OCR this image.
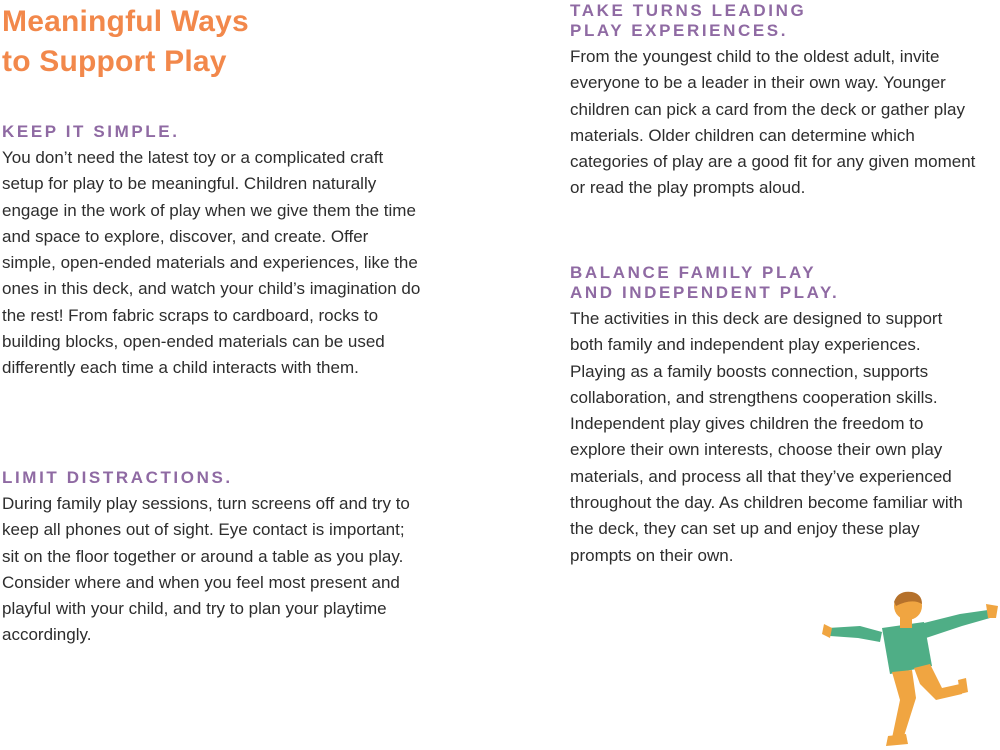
Meaningful Ways
to Support Play
KEEP IT SIMPLE.

You don’t need the latest toy or a complicated craft setup for play to be meaningful. Children naturally engage in the work of play when we give them the time and space to explore, discover, and create. Offer simple, open-ended materials and experiences, like the ones in this deck, and watch your child’s imagination do the rest! From fabric scraps to cardboard, rocks to building blocks, open-ended materials can be used differently each time a child interacts with them.

LIMIT DISTRACTIONS.

During family play sessions, turn screens off and try to keep all phones out of sight. Eye contact is important; sit on the floor together or around a table as you play. Consider where and when you feel most present and playful with your child, and try to plan your playtime accordingly.

TAKE TURNS LEADING
PLAY EXPERIENCES.

From the youngest child to the oldest adult, invite everyone to be a leader in their own way. Younger children can pick a card from the deck or gather play materials. Older children can determine which categories of play are a good fit for any given moment or read the play prompts aloud.

BALANCE FAMILY PLAY
AND INDEPENDENT PLAY.

The activities in this deck are designed to support both family and independent play experiences. Playing as a family boosts connection, supports collaboration, and strengthens cooperation skills. Independent play gives children the freedom to explore their own interests, choose their own play materials, and process all that they’ve experienced throughout the day. As children become familiar with the deck, they can set up and enjoy these play prompts on their own.
